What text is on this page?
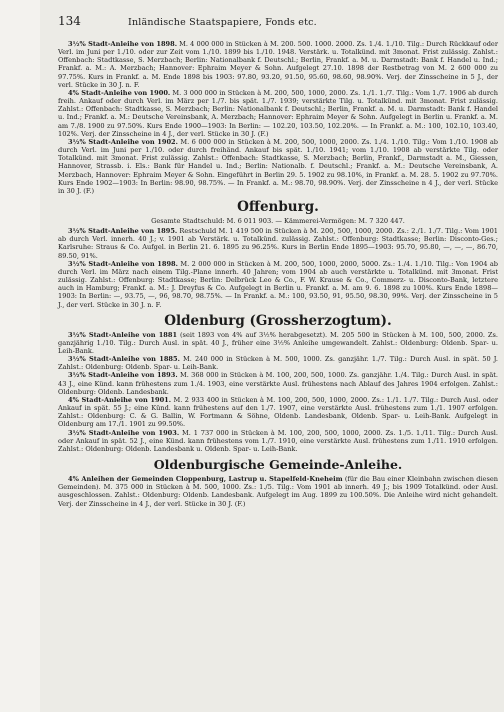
134	Inländische Staatspapiere, Fonds etc.

3½% Stadt-Anleihe von 1898. M. 4 000 000 in Stücken à M. 200. 500. 1000. 2000. Zs. 1./4. 1./10. Tilg.: Durch Rückkauf oder Verl. im Juni per 1./10. oder zur Zeit vom 1./10. 1899 bis 1./10. 1948. Verstärk. u. Totalkünd. mit 3monat. Frist zulässig. Zahlst.: Offenbach: Stadtkasse, S. Merzbach; Berlin: Nationalbank f. Deutschl.; Berlin, Frankf. a. M. u. Darmstadt: Bank f. Handel u. Ind.; Frankf. a. M.: A. Merzbach; Hannover: Ephraim Meyer & Sohn. Aufgelegt 27.10. 1898 der Restbetrag von M. 2 600 000 zu 97.75%. Kurs in Frankf. a. M. Ende 1898 bis 1903: 97.80, 93.20, 91.50, 95.60, 98.60, 98.90%. Verj. der Zinsscheine in 5 J., der verl. Stücke in 30 J. n. F.

4% Stadt-Anleihe von 1900. M. 3 000 000 in Stücken à M. 200, 500, 1000, 2000. Zs. 1./1. 1./7. Tilg.: Vom 1./7. 1906 ab durch freih. Ankauf oder durch Verl. im März per 1./7. bis spät. 1./7. 1939; verstärkte Tilg. u. Totalkünd. mit 3monat. Frist zulässig. Zahlst.: Offenbach: Stadtkasse, S. Merzbach; Berlin: Nationalbank f. Deutschl.; Berlin, Frankf. a. M. u. Darmstadt: Bank f. Handel u. Ind.; Frankf. a. M.: Deutsche Vereinsbank, A. Merzbach; Hannover: Ephraim Meyer & Sohn. Aufgelegt in Berlin u. Frankf. a. M. am 7./8. 1900 zu 97.50%. Kurs Ende 1900—1903: In Berlin: — 102.20, 103.50, 102.20%. — In Frankf. a. M.: 100, 102.10, 103.40, 102%. Verj. der Zinsscheine in 4 J., der verl. Stücke in 30 J. (F.)

3½% Stadt-Anleihe von 1902. M. 6 000 000 in Stücken à M. 200, 500, 1000, 2000. Zs. 1./4. 1./10. Tilg.: Vom 1./10. 1908 ab durch Verl. im Juni per 1./10. oder durch freihänd. Ankauf bis spät. 1./10. 1941; vom 1./10. 1908 ab verstärkte Tilg. oder Totalkünd. mit 3monat. Frist zulässig. Zahlst.: Offenbach: Stadtkasse, S. Merzbach; Berlin, Frankf., Darmstadt a. M., Giessen, Hannover, Strassb. i. Els.: Bank für Handel u. Ind.; Berlin: Nationalb. f. Deutschl.; Frankf. a. M.: Deutsche Vereinsbank, A. Merzbach, Hannover: Ephraim Meyer & Sohn. Eingeführt in Berlin 29. 5. 1902 zu 98.10%, in Frankf. a. M. 28. 5. 1902 zu 97.70%. Kurs Ende 1902—1903: In Berlin: 98.90, 98.75%. — In Frankf. a. M.: 98.70, 98.90%. Verj. der Zinsscheine n 4 J., der verl. Stücke in 30 J. (F.)

Offenburg.

Gesamte Stadtschuld: M. 6 011 903. — Kämmerei-Vermögen: M. 7 320 447.

3½% Stadt-Anleihe von 1895. Restschuld M. 1 419 500 in Stücken à M. 200, 500, 1000, 2000. Zs.: 2./1. 1./7. Tilg.: Vom 1901 ab durch Verl. innerh. 40 J.; v. 1901 ab Verstärk. u. Totalkünd. zulässig. Zahlst.: Offenburg: Stadtkasse; Berlin: Disconto-Ges.; Karlsruhe: Straus & Co. Aufgel. in Berlin 21. 6. 1895 zu 96.25%. Kurs in Berlin Ende 1895—1903: 95.70, 95.80, —, —, —, 86.70, 89.50, 91%.

3½% Stadt-Anleihe von 1898. M. 2 000 000 in Stücken à M. 200, 500, 1000, 2000, 5000. Zs.: 1./4. 1./10. Tilg.: Von 1904 ab durch Verl. im März nach einem Tilg.-Plane innerh. 40 Jahren; vom 1904 ab auch verstärkte u. Totalkünd. mit 3monat. Frist zulässig. Zahlst.: Offenburg: Stadtkasse; Berlin: Delbrück Leo & Co., F. W. Krause & Co., Commerz- u. Disconto-Bank, letztere auch in Hamburg; Frankf. a. M.: J. Dreyfus & Co. Aufgelegt in Berlin u. Frankf. a. M. am 9. 6. 1898 zu 100%. Kurs Ende 1898—1903: In Berlin: —, 93.75, —, 96, 98.70, 98.75%. — In Frankf. a. M.: 100, 93.50, 91, 95.50, 98.30, 99%. Verj. der Zinsscheine in 5 J., der verl. Stücke in 30 J. n. F.

Oldenburg (Grossherzogtum).

3½% Stadt-Anleihe von 1881 (seit 1893 von 4% auf 3½% herabgesetzt). M. 205 500 in Stücken à M. 100, 500, 2000. Zs. ganzjährig 1./10. Tilg.: Durch Ausl. in spät. 40 J., früher eine 3½% Anleihe umgewandelt. Zahlst.: Oldenburg: Oldenb. Spar- u. Leih-Bank.

3½% Stadt-Anleihe von 1885. M. 240 000 in Stücken à M. 500, 1000. Zs. ganzjähr. 1./7. Tilg.: Durch Ausl. in spät. 50 J. Zahlst.: Oldenburg: Oldenb. Spar- u. Leih-Bank.

3½% Stadt-Anleihe von 1893. M. 368 000 in Stücken à M. 100, 200, 500, 1000. Zs. ganzjähr. 1./4. Tilg.: Durch Ausl. in spät. 43 J., eine Künd. kann frühestens zum 1./4. 1903, eine verstärkte Ausl. frühestens nach Ablauf des Jahres 1904 erfolgen. Zahlst.: Oldenburg: Oldenb. Landesbank.

4% Stadt-Anleihe von 1901. M. 2 933 400 in Stücken à M. 100, 200, 500, 1000, 2000. Zs.: 1./1. 1./7. Tilg.: Durch Ausl. oder Ankauf in spät. 55 J.; eine Künd. kann frühestens auf den 1./7. 1907, eine verstärkte Ausl. frühestens zum 1./1. 1907 erfolgen. Zahlst.: Oldenburg: C. & G. Ballin, W. Fortmann & Söhne, Oldenb. Landesbank, Oldenb. Spar- u. Leih-Bank. Aufgelegt in Oldenburg am 17./1. 1901 zu 99.50%.

3½% Stadt-Anleihe von 1903. M. 1 737 000 in Stücken à M. 100, 200, 500, 1000, 2000. Zs. 1./5. 1./11. Tilg.: Durch Ausl. oder Ankauf in spät. 52 J., eine Künd. kann frühestens vom 1./7. 1910, eine verstärkte Ausl. frühestens zum 1./11. 1910 erfolgen. Zahlst.: Oldenburg: Oldenb. Landesbank u. Oldenb. Spar- u. Leih-Bank.

Oldenburgische Gemeinde-Anleihe.

4% Anleihen der Gemeinden Cloppenburg, Lastrup u. Stapelfeld-Kneheim (für die Bau einer Kleinbahn zwischen diesen Gemeinden). M. 375 000 in Stücken à M. 500, 1000. Zs.: 1./5. Tilg.: Vom 1901 ab innerh. 49 J.; bis 1909 Totalkünd. oder Ausl. ausgeschlossen. Zahlst.: Oldenburg: Oldenb. Landesbank. Aufgelegt im Aug. 1899 zu 100.50%. Die Anleihe wird nicht gehandelt. Verj. der Zinsscheine in 4 J., der verl. Stücke in 30 J. (F.)
